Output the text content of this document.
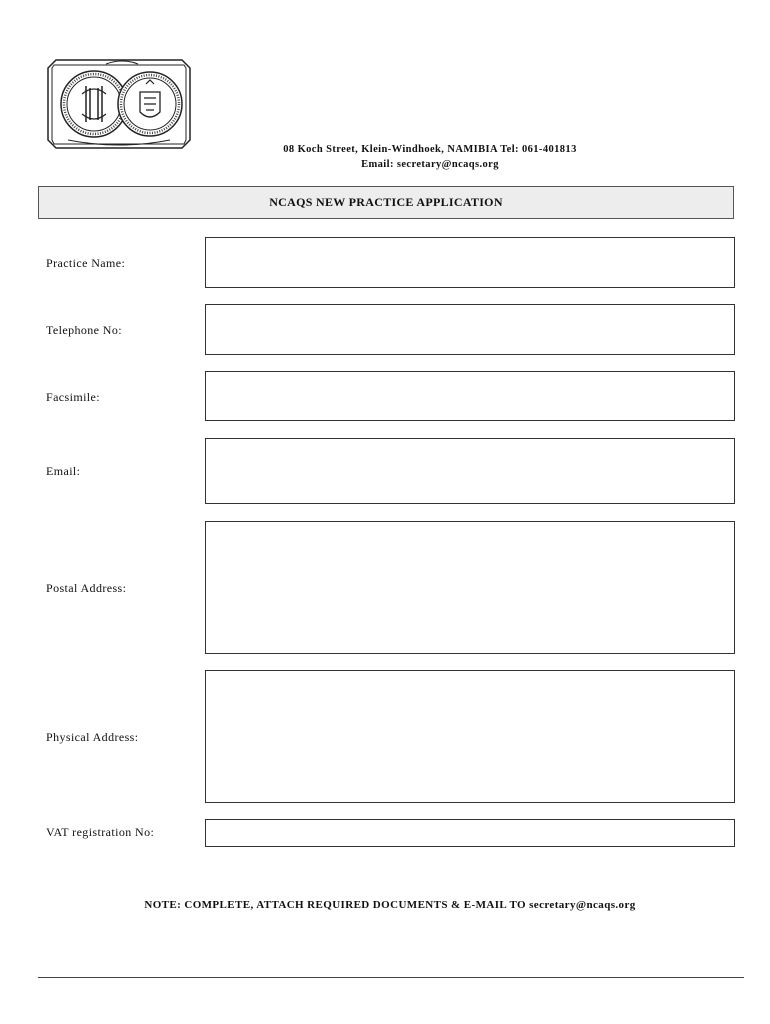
08 Koch Street, Klein-Windhoek, NAMIBIA Tel: 061-401813
Email: secretary@ncaqs.org
NCAQS NEW PRACTICE APPLICATION
Practice Name:
Telephone No:
Facsimile:
Email:
Postal Address:
Physical Address:
VAT registration No:
NOTE: COMPLETE, ATTACH REQUIRED DOCUMENTS & E-MAIL TO secretary@ncaqs.org
